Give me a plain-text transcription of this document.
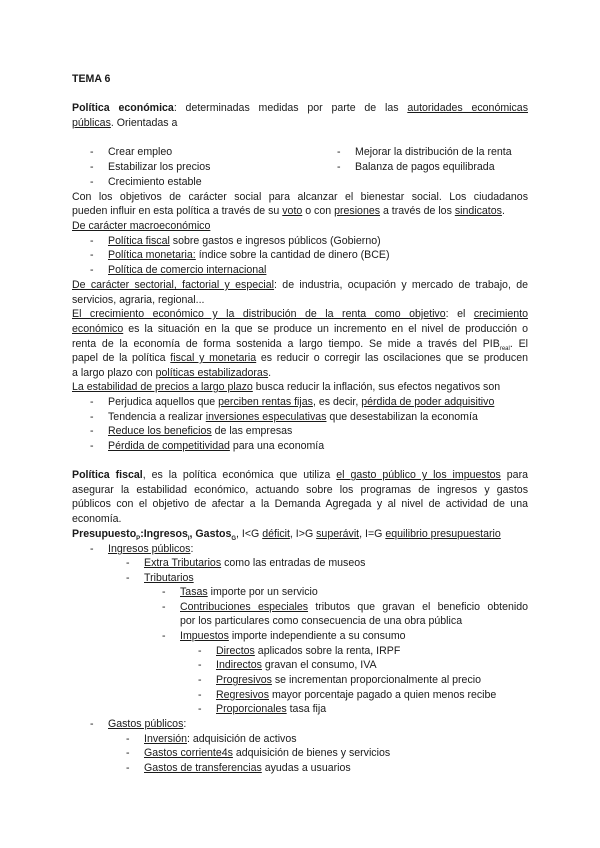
TEMA 6
Política económica: determinadas medidas por parte de las autoridades económicas
públicas. Orientadas a
- Crear empleo
- Estabilizar los precios
- Crecimiento estable
- Mejorar la distribución de la renta
- Balanza de pagos equilibrada
Con los objetivos de carácter social para alcanzar el bienestar social. Los ciudadanos
pueden influir en esta política a través de su voto o con presiones a través de los sindicatos.
De carácter macroeconómico
- Política fiscal sobre gastos e ingresos públicos (Gobierno)
- Política monetaria: índice sobre la cantidad de dinero (BCE)
- Política de comercio internacional
De carácter sectorial, factorial y especial: de industria, ocupación y mercado de trabajo, de
servicios, agraria, regional...
El crecimiento económico y la distribución de la renta como objetivo: el crecimiento
económico es la situación en la que se produce un incremento en el nivel de producción o
renta de la economía de forma sostenida a largo tiempo. Se mide a través del $PIB_{real}$. El
papel de la política fiscal y monetaria es reducir o corregir las oscilaciones que se producen
a largo plazo con políticas estabilizadoras.
La estabilidad de precios a largo plazo busca reducir la inflación, sus efectos negativos son
- Perjudica aquellos que perciben rentas fijas, es decir, pérdida de poder adquisitivo
- Tendencia a realizar inversiones especulativas que desestabilizan la economía
- Reduce los beneficios de las empresas
- Pérdida de competitividad para una economía
Política fiscal, es la política económica que utiliza el gasto público y los impuestos para
asegurar la estabilidad económico, actuando sobre los programas de ingresos y gastos
públicos con el objetivo de afectar a la Demanda Agregada y al nivel de actividad de una
economía.
Presupuesto$_P$:Ingresos$_I$, Gastos$_G$, I<G déficit, I>G superávit, I=G equilibrio presupuestario
- Ingresos públicos:
- Extra Tributarios como las entradas de museos
- Tributarios
- Tasas importe por un servicio
- Contribuciones especiales tributos que gravan el beneficio obtenido
por los particulares como consecuencia de una obra pública
- Impuestos importe independiente a su consumo
- Directos aplicados sobre la renta, IRPF
- Indirectos gravan el consumo, IVA
- Progresivos se incrementan proporcionalmente al precio
- Regresivos mayor porcentaje pagado a quien menos recibe
- Proporcionales tasa fija
- Gastos públicos:
- Inversión: adquisición de activos
- Gastos corriente4s adquisición de bienes y servicios
- Gastos de transferencias ayudas a usuarios
